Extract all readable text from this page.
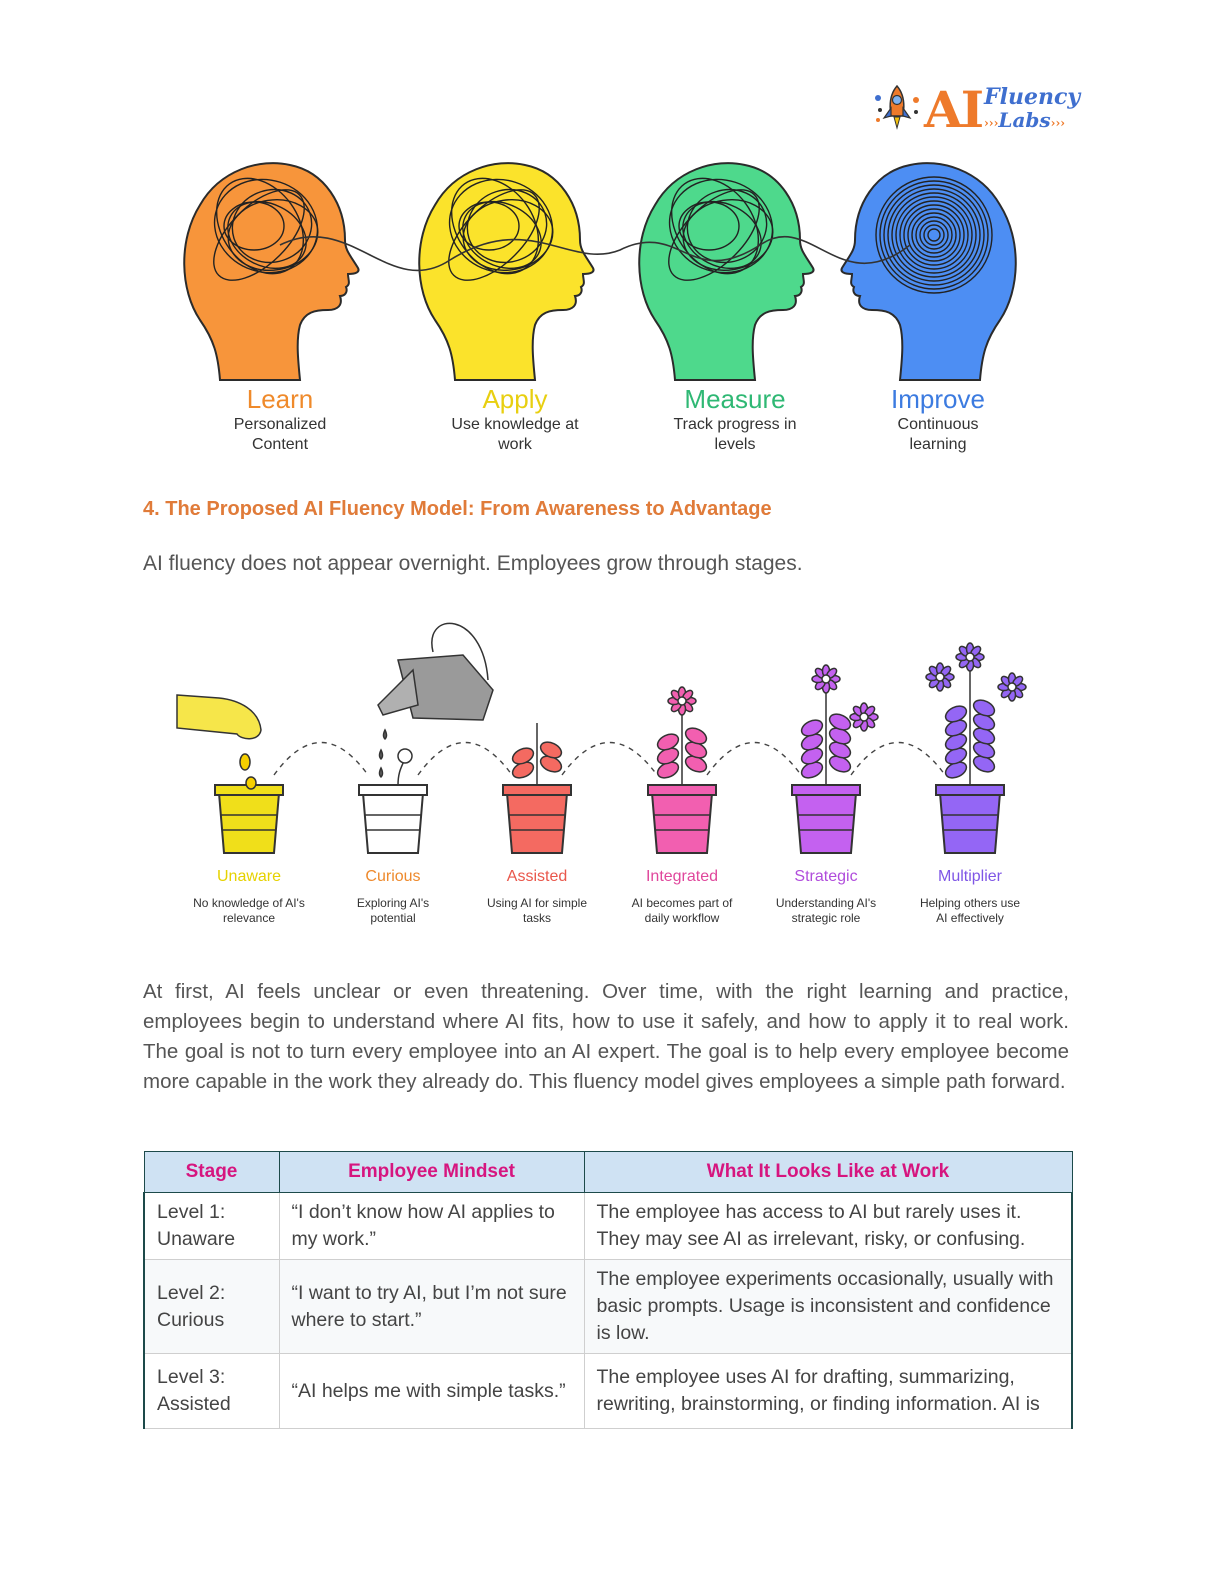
AI Fluency
›››Labs›››
Learn
Personalized
Content
Apply
Use knowledge at
work
Measure
Track progress in
levels
Improve
Continuous
learning
4. The Proposed AI Fluency Model: From Awareness to Advantage
AI fluency does not appear overnight. Employees grow through stages.
Unaware
No knowledge of AI's
relevance
Curious
Exploring AI's
potential
Assisted
Using AI for simple
tasks
Integrated
AI becomes part of
daily workflow
Strategic
Understanding AI's
strategic role
Multiplier
Helping others use
AI effectively

At first, AI feels unclear or even threatening. Over time, with the right learning and practice, employees begin to understand where AI fits, how to use it safely, and how to apply it to real work. The goal is not to turn every employee into an AI expert. The goal is to help every employee become more capable in the work they already do. This fluency model gives employees a simple path forward.

Stage	Employee Mindset	What It Looks Like at Work
Level 1:
Unaware	“I don’t know how AI applies to my work.”	The employee has access to AI but rarely uses it. They may see AI as irrelevant, risky, or confusing.
Level 2:
Curious	“I want to try AI, but I’m not sure where to start.”	The employee experiments occasionally, usually with basic prompts. Usage is inconsistent and confidence is low.
Level 3:
Assisted	“AI helps me with simple tasks.”	The employee uses AI for drafting, summarizing, rewriting, brainstorming, or finding information. AI is
